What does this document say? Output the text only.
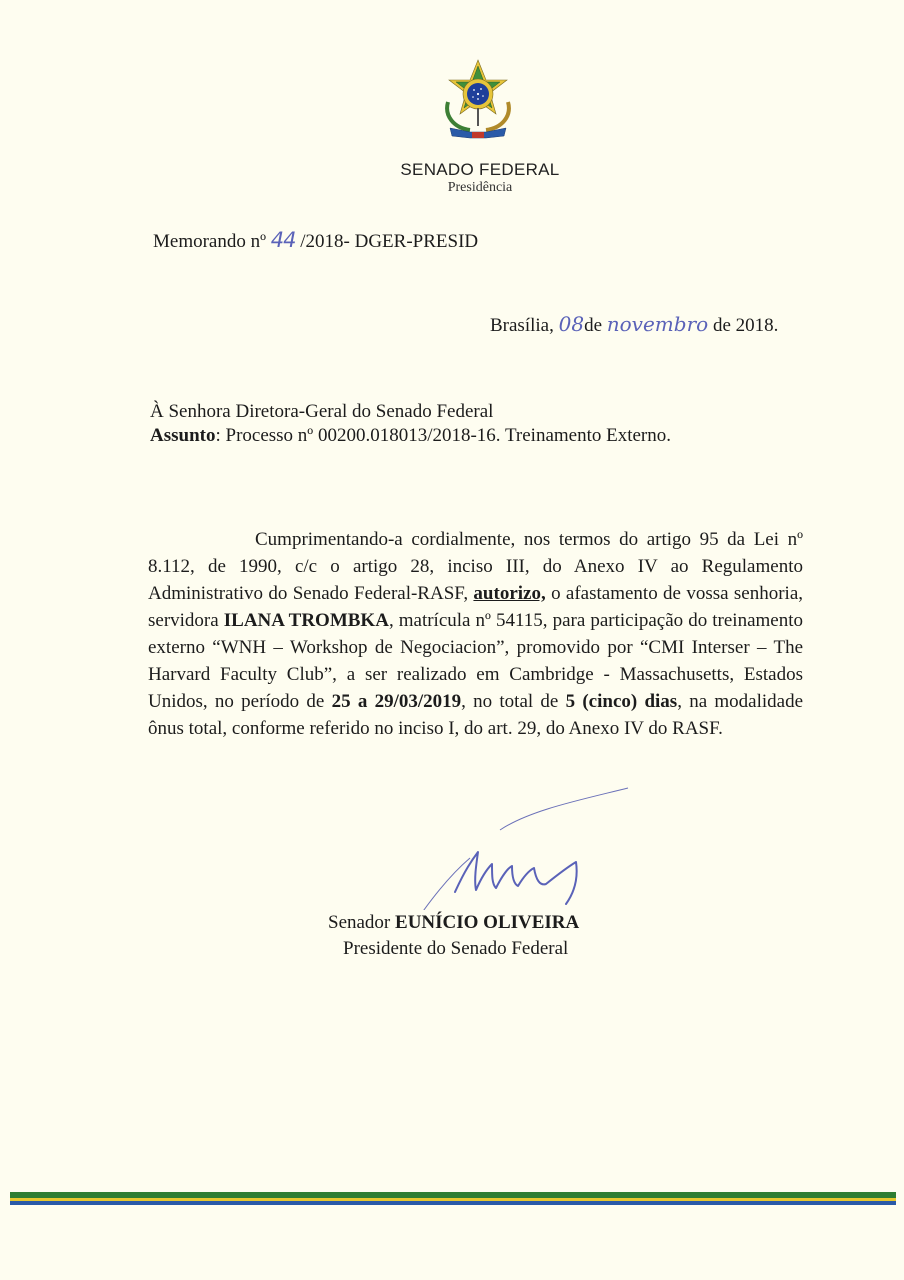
SENADO FEDERAL
Presidência
Memorando nº 44 /2018- DGER-PRESID
Brasília, 08de novembro de 2018.
À Senhora Diretora-Geral do Senado Federal
Assunto: Processo nº 00200.018013/2018-16. Treinamento Externo.
Cumprimentando-a cordialmente, nos termos do artigo 95 da Lei nº 8.112, de 1990, c/c o artigo 28, inciso III, do Anexo IV ao Regulamento Administrativo do Senado Federal-RASF, autorizo, o afastamento de vossa senhoria, servidora ILANA TROMBKA, matrícula nº 54115, para participação do treinamento externo “WNH – Workshop de Negociacion”, promovido por “CMI Interser – The Harvard Faculty Club”, a ser realizado em Cambridge - Massachusetts, Estados Unidos, no período de 25 a 29/03/2019, no total de 5 (cinco) dias, na modalidade ônus total, conforme referido no inciso I, do art. 29, do Anexo IV do RASF.
Senador EUNÍCIO OLIVEIRA
Presidente do Senado Federal
